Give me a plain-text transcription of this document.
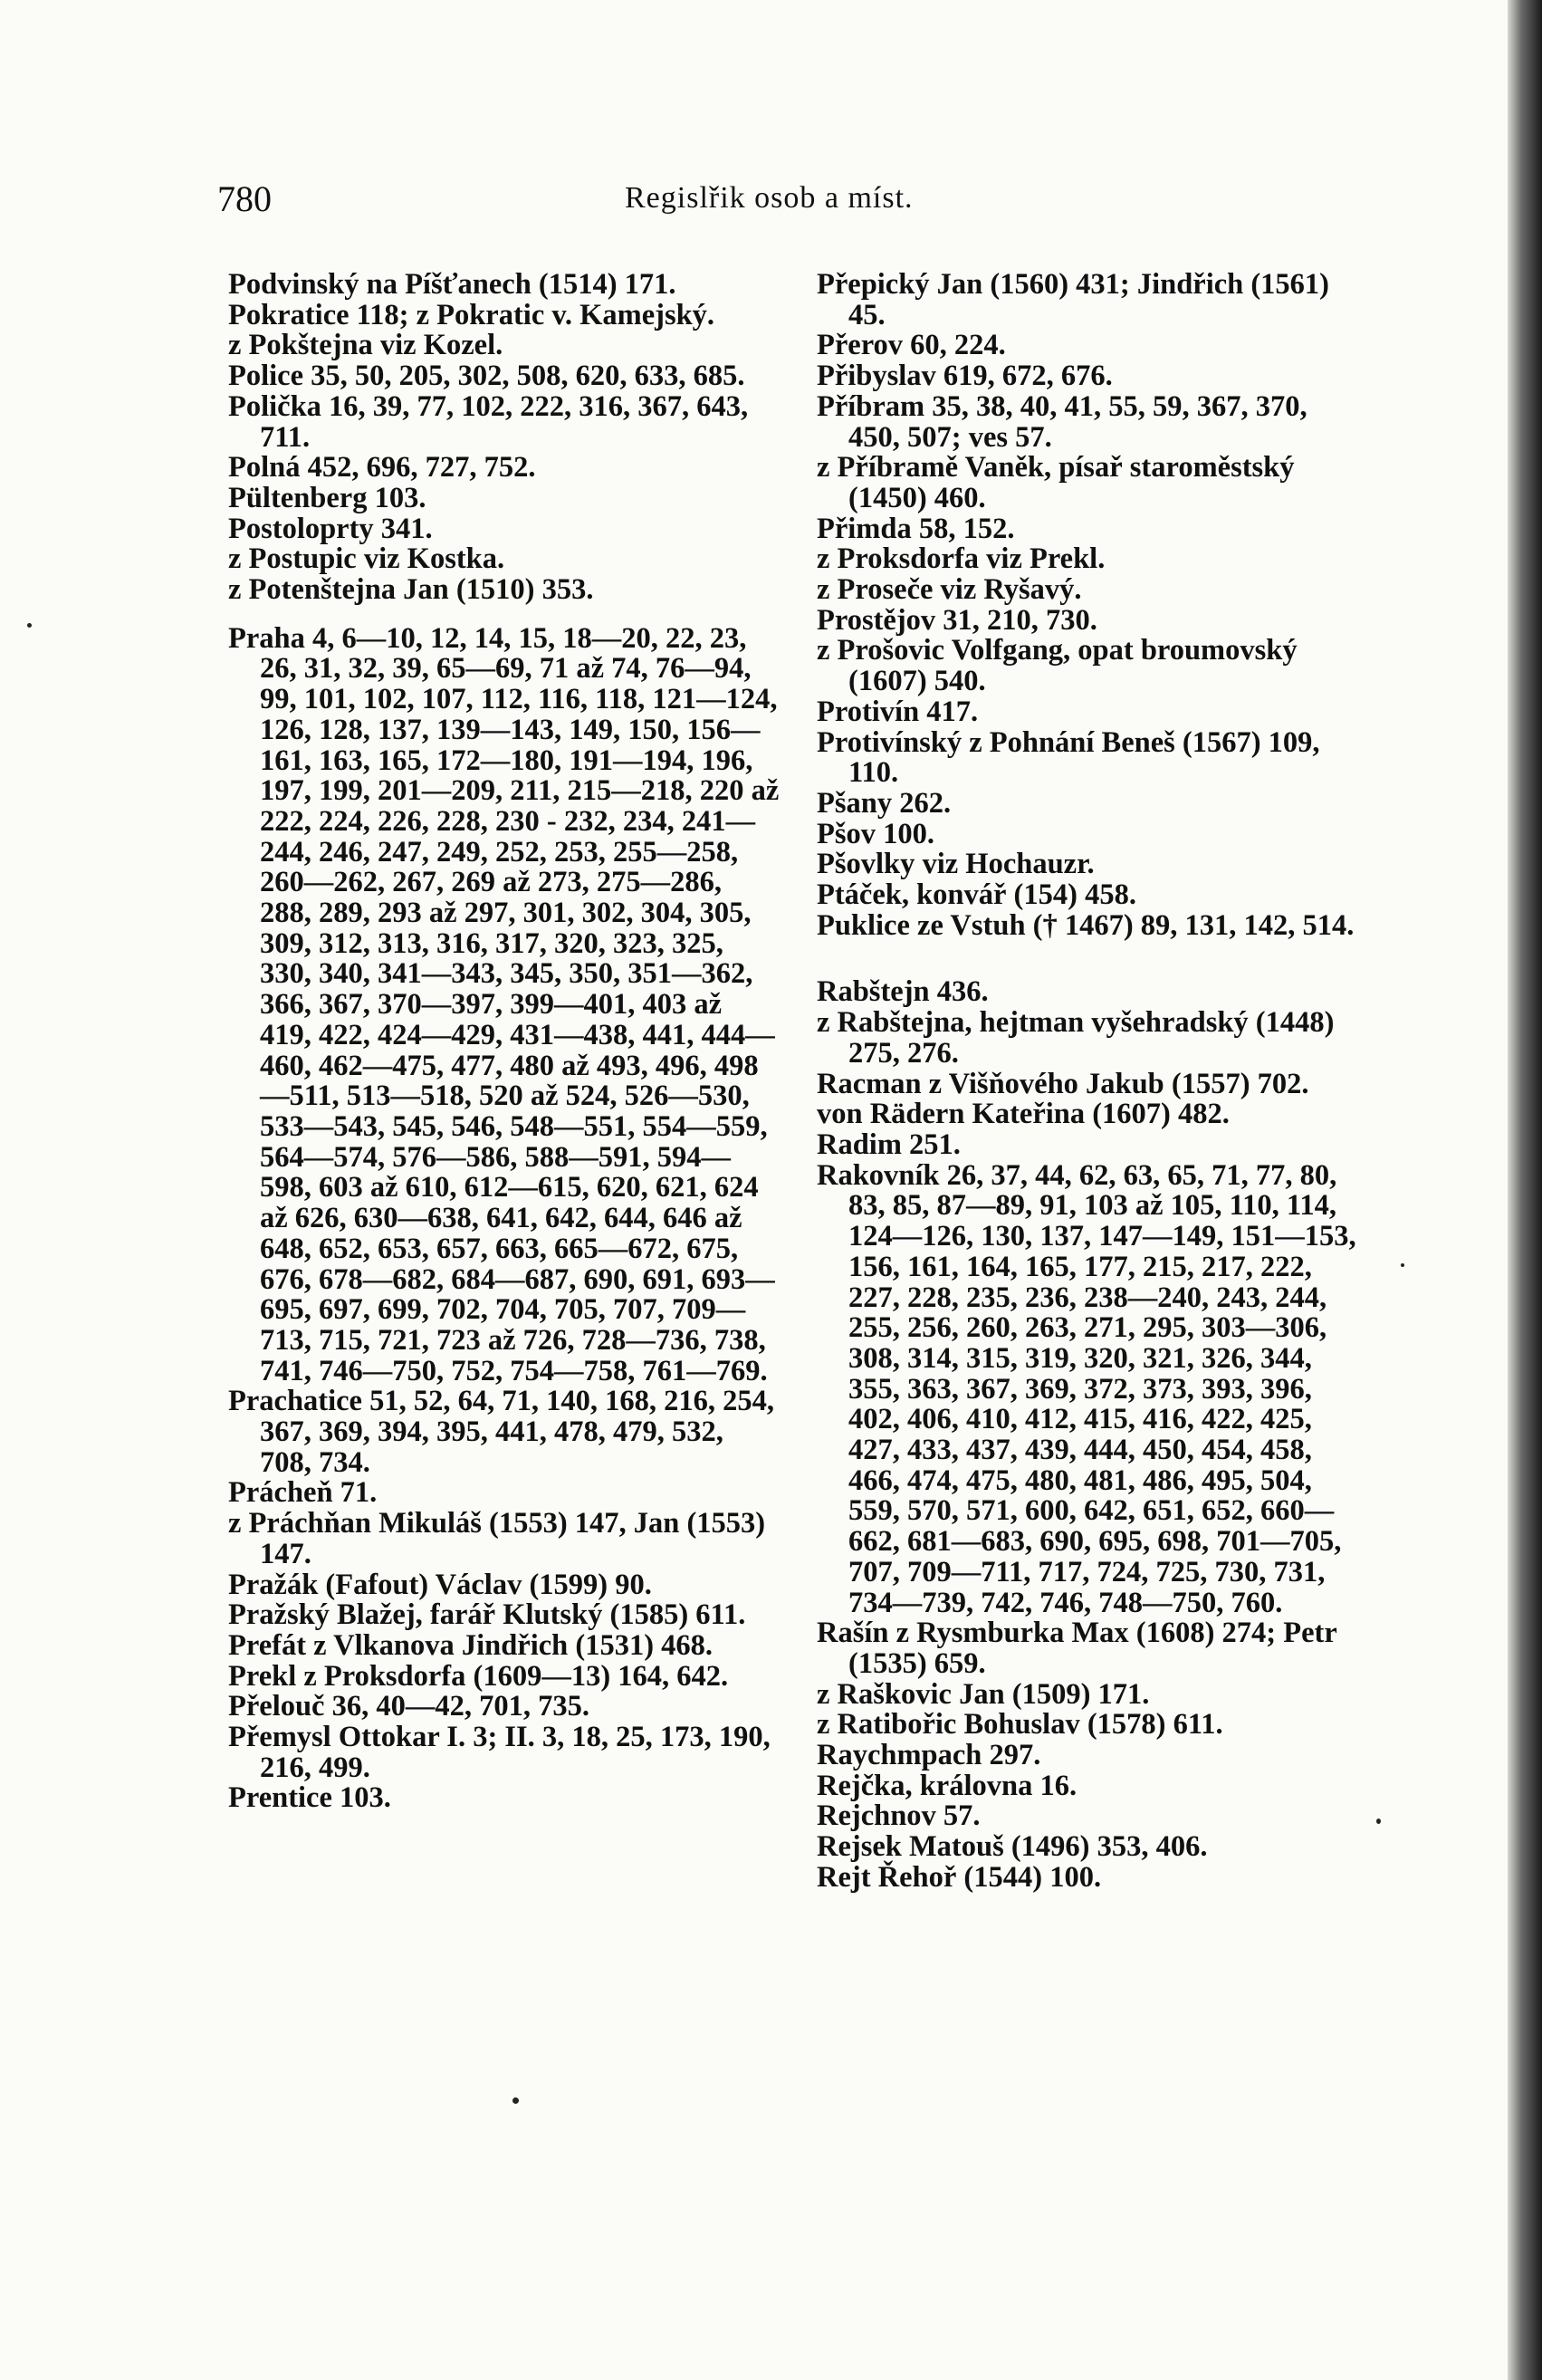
780	Regislřik osob a míst.

Podvinský na Píšťanech (1514) 171.

Pokratice 118; z Pokratic v. Kamejský.

z Pokštejna viz Kozel.

Police 35, 50, 205, 302, 508, 620, 633, 685.

Polička 16, 39, 77, 102, 222, 316, 367, 643, 711.

Polná 452, 696, 727, 752.

Pültenberg 103.

Postoloprty 341.

z Postupic viz Kostka.

z Potenštejna Jan (1510) 353.

Praha 4, 6—10, 12, 14, 15, 18—20, 22, 23, 26, 31, 32, 39, 65—69, 71 až 74, 76—94, 99, 101, 102, 107, 112, 116, 118, 121—124, 126, 128, 137, 139—143, 149, 150, 156—161, 163, 165, 172—180, 191—194, 196, 197, 199, 201—209, 211, 215—218, 220 až 222, 224, 226, 228, 230 - 232, 234, 241—244, 246, 247, 249, 252, 253, 255—258, 260—262, 267, 269 až 273, 275—286, 288, 289, 293 až 297, 301, 302, 304, 305, 309, 312, 313, 316, 317, 320, 323, 325, 330, 340, 341—343, 345, 350, 351—362, 366, 367, 370—397, 399—401, 403 až 419, 422, 424—429, 431—438, 441, 444—460, 462—475, 477, 480 až 493, 496, 498—511, 513—518, 520 až 524, 526—530, 533—543, 545, 546, 548—551, 554—559, 564—574, 576—586, 588—591, 594—598, 603 až 610, 612—615, 620, 621, 624 až 626, 630—638, 641, 642, 644, 646 až 648, 652, 653, 657, 663, 665—672, 675, 676, 678—682, 684—687, 690, 691, 693—695, 697, 699, 702, 704, 705, 707, 709—713, 715, 721, 723 až 726, 728—736, 738, 741, 746—750, 752, 754—758, 761—769.

Prachatice 51, 52, 64, 71, 140, 168, 216, 254, 367, 369, 394, 395, 441, 478, 479, 532, 708, 734.

Prácheň 71.

z Práchňan Mikuláš (1553) 147, Jan (1553) 147.

Pražák (Fafout) Václav (1599) 90.

Pražský Blažej, farář Klutský (1585) 611.

Prefát z Vlkanova Jindřich (1531) 468.

Prekl z Proksdorfa (1609—13) 164, 642.

Přelouč 36, 40—42, 701, 735.

Přemysl Ottokar I. 3; II. 3, 18, 25, 173, 190, 216, 499.

Prentice 103.

Přepický Jan (1560) 431; Jindřich (1561) 45.

Přerov 60, 224.

Přibyslav 619, 672, 676.

Příbram 35, 38, 40, 41, 55, 59, 367, 370, 450, 507; ves 57.

z Příbramě Vaněk, písař staroměstský (1450) 460.

Přimda 58, 152.

z Proksdorfa viz Prekl.

z Proseče viz Ryšavý.

Prostějov 31, 210, 730.

z Prošovic Volfgang, opat broumovský (1607) 540.

Protivín 417.

Protivínský z Pohnání Beneš (1567) 109, 110.

Pšany 262.

Pšov 100.

Pšovlky viz Hochauzr.

Ptáček, konvář (154) 458.

Puklice ze Vstuh († 1467) 89, 131, 142, 514.

Rabštejn 436.

z Rabštejna, hejtman vyšehradský (1448) 275, 276.

Racman z Višňového Jakub (1557) 702.

von Rädern Kateřina (1607) 482.

Radim 251.

Rakovník 26, 37, 44, 62, 63, 65, 71, 77, 80, 83, 85, 87—89, 91, 103 až 105, 110, 114, 124—126, 130, 137, 147—149, 151—153, 156, 161, 164, 165, 177, 215, 217, 222, 227, 228, 235, 236, 238—240, 243, 244, 255, 256, 260, 263, 271, 295, 303—306, 308, 314, 315, 319, 320, 321, 326, 344, 355, 363, 367, 369, 372, 373, 393, 396, 402, 406, 410, 412, 415, 416, 422, 425, 427, 433, 437, 439, 444, 450, 454, 458, 466, 474, 475, 480, 481, 486, 495, 504, 559, 570, 571, 600, 642, 651, 652, 660—662, 681—683, 690, 695, 698, 701—705, 707, 709—711, 717, 724, 725, 730, 731, 734—739, 742, 746, 748—750, 760.

Rašín z Rysmburka Max (1608) 274; Petr (1535) 659.

z Raškovic Jan (1509) 171.

z Ratibořic Bohuslav (1578) 611.

Raychmpach 297.

Rejčka, královna 16.

Rejchnov 57.

Rejsek Matouš (1496) 353, 406.

Rejt Řehoř (1544) 100.
